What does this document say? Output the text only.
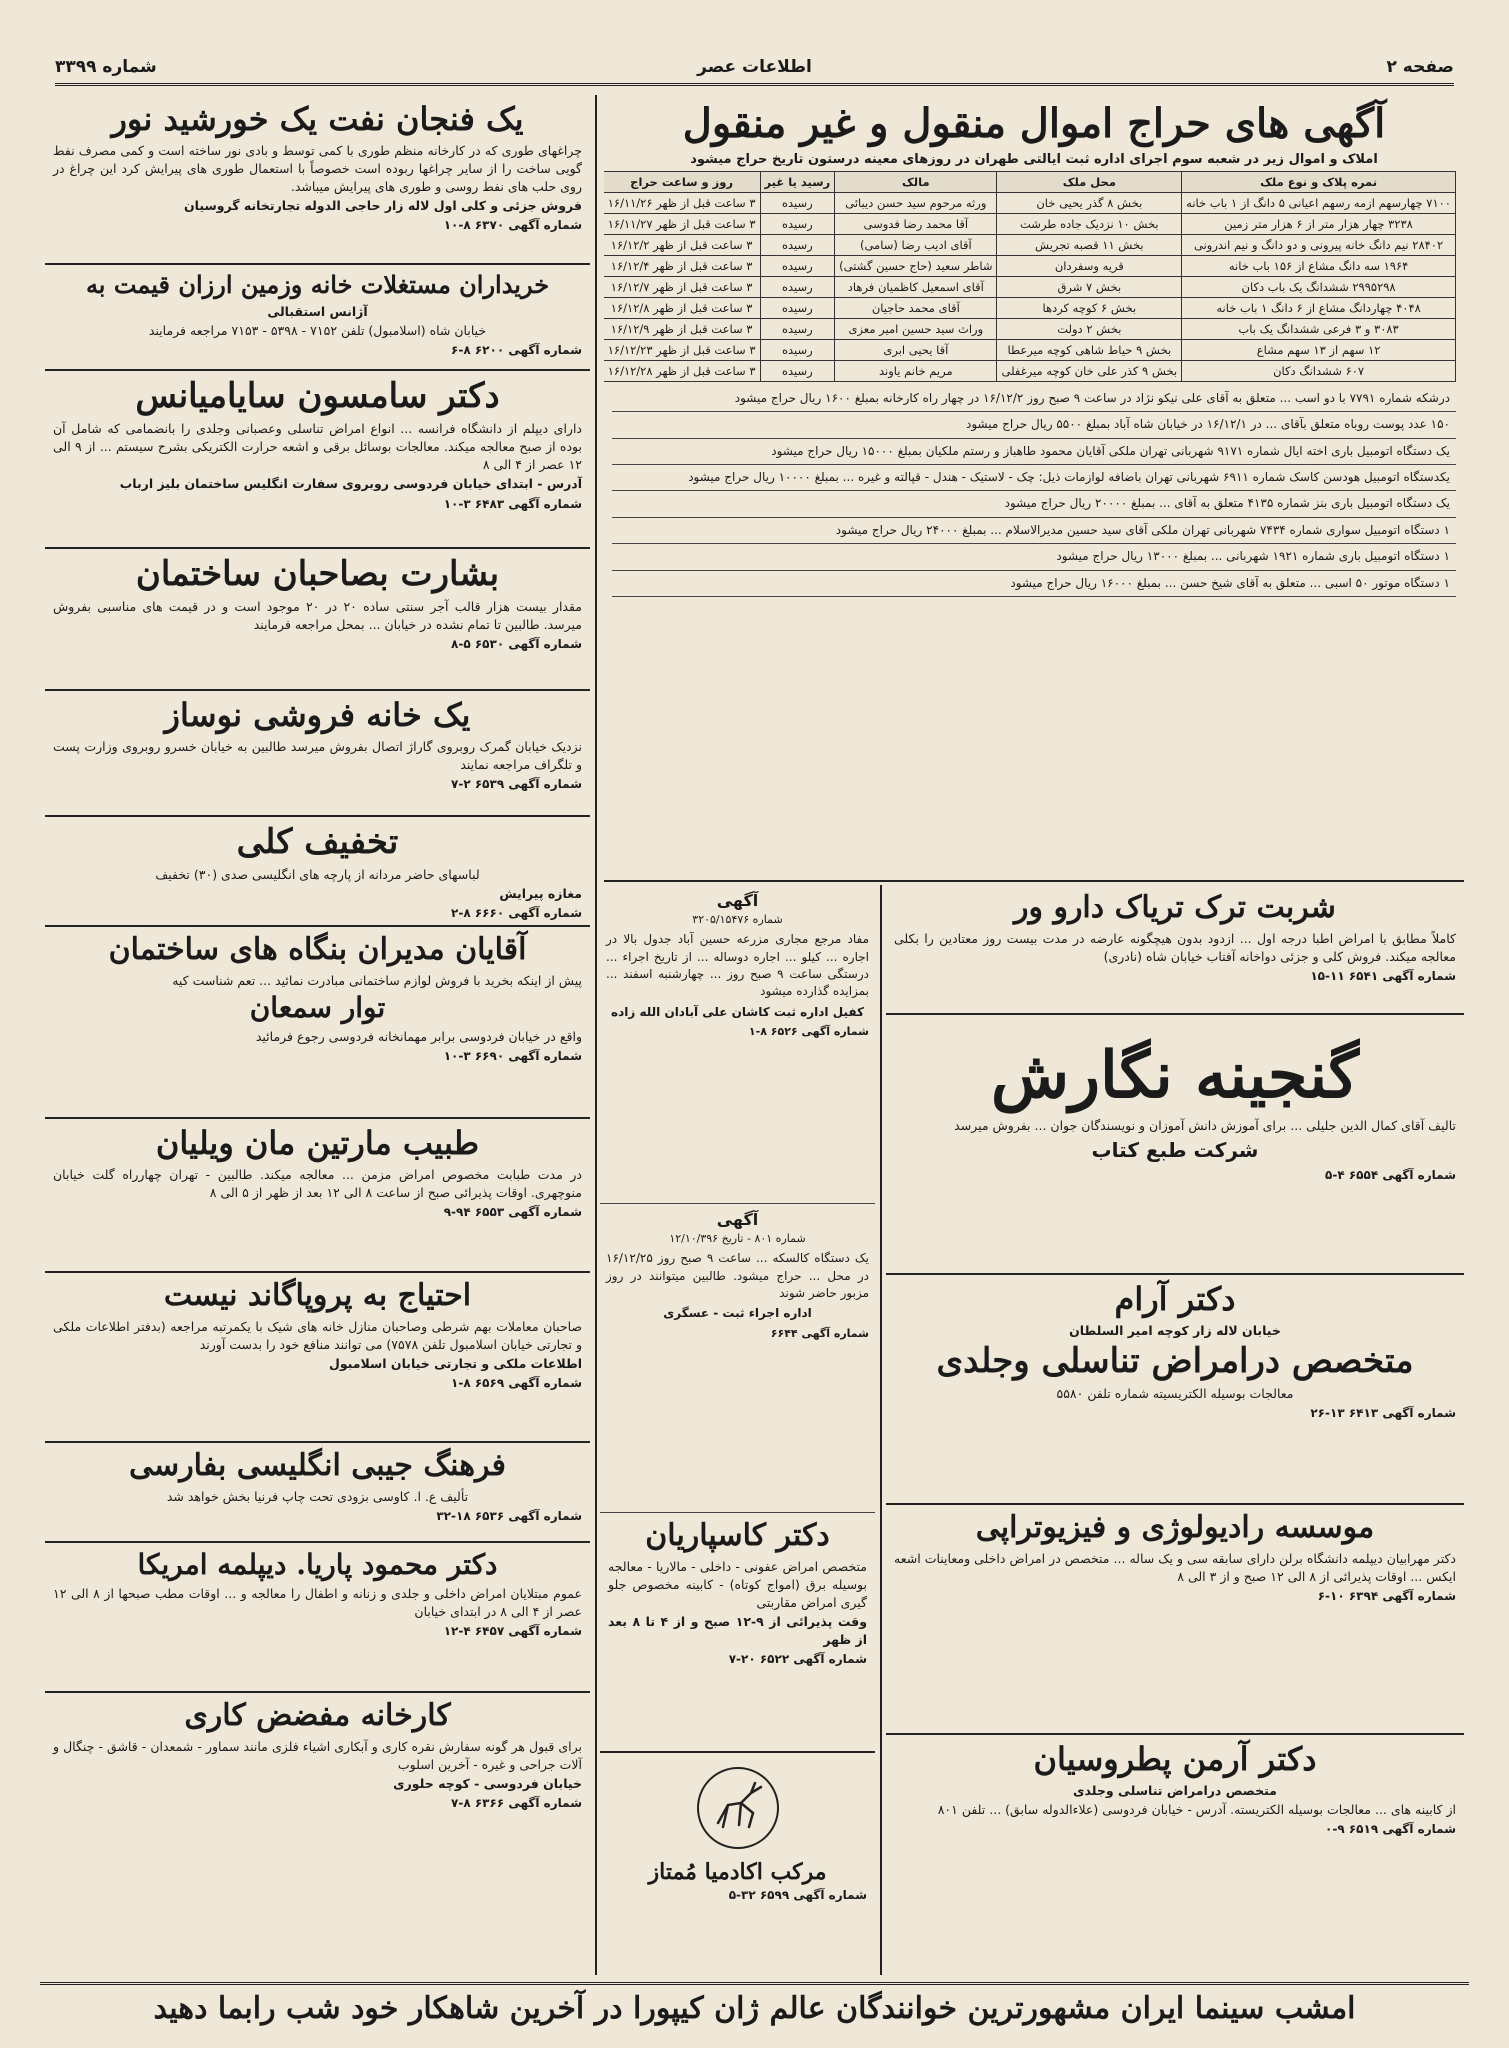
صفحه ۲
اطلاعات عصر
شماره ۳۳۹۹
آگهی های حراج اموال منقول و غیر منقول

املاک و اموال زیر در شعبه سوم اجرای اداره ثبت ایالتی طهران در روزهای معینه درستون تاریخ حراج میشود

نمره پلاک و نوع ملک	محل ملک	مالک	رسید یا غیر	روز و ساعت حراج	
۷۱۰۰ چهارسهم ازمه رسهم اعیانی ۵ دانگ از ۱ باب خانه	بخش ۸ گذر یحیی خان	ورثه مرحوم سید حسن دیبائی	رسیده	۳ ساعت قبل از ظهر ۱۶/۱۱/۲۶	
۳۲۳۸ چهار هزار متر از ۶ هزار متر زمین	بخش ۱۰ نزدیک جاده طرشت	آقا محمد رضا فدوسی	رسیده	۳ ساعت قبل از ظهر ۱۶/۱۱/۲۷	
۲۸۴۰۲ نیم دانگ خانه پیرونی و دو دانگ و نیم اندرونی	بخش ۱۱ قصبه تجریش	آقای ادیب رضا (سامی)	رسیده	۳ ساعت قبل از ظهر ۱۶/۱۲/۲	
۱۹۶۴ سه دانگ مشاع از ۱۵۶ باب خانه	قریه وسفردان	شاطر سعید (حاج حسین گشتی)	رسیده	۳ ساعت قبل از ظهر ۱۶/۱۲/۴	
۲۹۹۵۲۹۸ ششدانگ یک باب دکان	بخش ۷ شرق	آقای اسمعیل کاظمیان فرهاد	رسیده	۳ ساعت قبل از ظهر ۱۶/۱۲/۷	
۴۰۴۸ چهاردانگ مشاع از ۶ دانگ ۱ باب خانه	بخش ۶ کوچه کردها	آقای محمد حاجیان	رسیده	۳ ساعت قبل از ظهر ۱۶/۱۲/۸	
۳۰۸۳ و ۳ فرعی ششدانگ یک باب	بخش ۲ دولت	وراث سید حسین امیر معزی	رسیده	۳ ساعت قبل از ظهر ۱۶/۱۲/۹	
۱۲ سهم از ۱۳ سهم مشاع	بخش ۹ حیاط شاهی کوچه میرعطا	آقا یحیی ابری	رسیده	۳ ساعت قبل از ظهر ۱۶/۱۲/۲۳	
۶۰۷ ششدانگ دکان	بخش ۹ کذر علی خان کوچه میرغفلی	مریم خانم یاوند	رسیده	۳ ساعت قبل از ظهر ۱۶/۱۲/۲۸	
درشکه شماره ۷۷۹۱ با دو اسب ... متعلق به آقای علی نیکو نژاد در ساعت ۹ صبح روز ۱۶/۱۲/۲ در چهار راه کارخانه بمبلغ ۱۶۰۰ ریال حراج میشود
۱۵۰ عدد پوست روباه متعلق بآقای ... در ۱۶/۱۲/۱ در خیابان شاه آباد بمبلغ ۵۵۰۰ ریال حراج میشود
یک دستگاه اتومبیل باری اخته ایال شماره ۹۱۷۱ شهربانی تهران ملکی آقایان محمود طاهباز و رستم ملکیان بمبلغ ۱۵۰۰۰ ریال حراج میشود
یکدستگاه اتومبیل هودسن کاسک شماره ۶۹۱۱ شهربانی تهران باضافه لوازمات ذیل: چک - لاستیک - هندل - قپالته و غیره ... بمبلغ ۱۰۰۰۰ ریال حراج میشود
یک دستگاه اتومبیل باری بنز شماره ۴۱۳۵ متعلق به آقای ... بمبلغ ۲۰۰۰۰ ریال حراج میشود
۱ دستگاه اتومبیل سواری شماره ۷۴۳۴ شهربانی تهران ملکی آقای سید حسین مدیرالاسلام ... بمبلغ ۲۴۰۰۰ ریال حراج میشود
۱ دستگاه اتومبیل باری شماره ۱۹۲۱ شهربانی ... بمبلغ ۱۳۰۰۰ ریال حراج میشود
۱ دستگاه موتور ۵۰ اسبی ... متعلق به آقای شیخ حسن ... بمبلغ ۱۶۰۰۰ ریال حراج میشود
یک فنجان نفت یک خورشید نور

چراغهای طوری که در کارخانه منظم طوری با کمی توسط و بادی نور ساخته است و کمی مصرف نفط گویی ساخت را از سایر چراغها ربوده است خصوصاً با استعمال طوری های پیرایش کرد این چراغ در روی حلب های نفط روسی و طوری های پیرایش میباشد.

فروش جزئی و کلی اول لاله زار حاجی الدوله تجارتخانه گروسیان

شماره آگهی ۶۳۷۰ ۸-۱۰
خریداران مستغلات خانه وزمین ارزان قیمت به

آژانس استقبالی

خیابان شاه (اسلامبول) تلفن ۷۱۵۲ - ۵۳۹۸ - ۷۱۵۳ مراجعه فرمایند

شماره آگهی ۶۲۰۰ ۸-۶
دکتر سامسون سایامیانس

دارای دیپلم از دانشگاه فرانسه ... انواع امراض تناسلی وعصبانی وجلدی را بانضمامی که شامل آن بوده از صبح معالجه میکند. معالجات بوسائل برقی و اشعه حرارت الکتریکی بشرح سیستم ... از ۹ الی ۱۲ عصر از ۴ الی ۸

آدرس - ابتدای خیابان فردوسی روبروی سفارت انگلیس ساختمان بلیز ارباب

شماره آگهی ۶۴۸۳ ۳-۱۰
بشارت بصاحبان ساختمان

مقدار بیست هزار قالب آجر سنتی ساده ۲۰ در ۲۰ موجود است و در قیمت های مناسبی بفروش میرسد. طالبین تا تمام نشده در خیابان ... بمحل مراجعه فرمایند

شماره آگهی ۶۵۳۰ ۵-۸
یک خانه فروشی نوساز

نزدیک خیابان گمرک روبروی گاراژ اتصال بفروش میرسد طالبین به خیابان خسرو روبروی وزارت پست و تلگراف مراجعه نمایند

شماره آگهی ۶۵۳۹ ۲-۷
تخفیف کلی

لباسهای حاضر مردانه از پارچه های انگلیسی صدی (۳۰) تخفیف

مغازه پیرایش

شماره آگهی ۶۶۶۰ ۸-۲
آقایان مدیران بنگاه های ساختمان

پیش از اینکه بخرید با فروش لوازم ساختمانی مبادرت نمائید ... تعم شناست کیه

توار سمعان

واقع در خیابان فردوسی برابر مهمانخانه فردوسی رجوع فرمائید

شماره آگهی ۶۶۹۰ ۳-۱۰
طبیب مارتین مان ویلیان

در مدت طبابت مخصوص امراض مزمن ... معالجه میکند. طالبین - تهران چهارراه گلت خیابان منوچهری. اوقات پذیرائی صبح از ساعت ۸ الی ۱۲ بعد از ظهر از ۵ الی ۸

شماره آگهی ۶۵۵۳ ۹۴-۹
احتیاج به پروپاگاند نیست

صاحبان معاملات بهم شرطی وصاحبان منازل خانه های شیک با یکمرتبه مراجعه (بدفتر اطلاعات ملکی و تجارتی خیابان اسلامبول تلفن ۷۵۷۸) می توانند منافع خود را بدست آورند

اطلاعات ملکی و تجارتی خیابان اسلامبول

شماره آگهی ۶۵۶۹ ۸-۱
فرهنگ جیبی انگلیسی بفارسی

تألیف ع. ا. کاوسی بزودی تحت چاپ فرنیا بخش خواهد شد

شماره آگهی ۶۵۳۶ ۱۸-۳۲
دکتر محمود پاریا. دیپلمه امریکا

عموم مبتلایان امراض داخلی و جلدی و زنانه و اطفال را معالجه و ... اوقات مطب صبحها از ۸ الی ۱۲ عصر از ۴ الی ۸ در ابتدای خیابان

شماره آگهی ۶۴۵۷ ۴-۱۲
کارخانه مفضض کاری

برای قبول هر گونه سفارش نقره کاری و آبکاری اشیاء فلزی مانند سماور - شمعدان - قاشق - چنگال و آلات جراحی و غیره - آخرین اسلوب

خیابان فردوسی - کوچه حلوری

شماره آگهی ۶۳۶۶ ۸-۷
آگهی
شماره ۳۲۰۵/۱۵۴۷۶

مفاد مرجع مجاری مزرعه حسین آباد جدول بالا در اجاره ... کیلو ... اجاره دوساله ... از تاریخ اجراء ... درستگی ساعت ۹ صبح روز ... چهارشنبه اسفند ... بمزایده گذارده میشود

کفیل اداره ثبت کاشان علی آبادان الله زاده

شماره آگهی ۶۵۲۶ ۸-۱
آگهی
شماره ۸۰۱ - تاریخ ۱۲/۱۰/۳۹۶

یک دستگاه کالسکه ... ساعت ۹ صبح روز ۱۶/۱۲/۲۵ در محل ... حراج میشود. طالبین میتوانند در روز مزبور حاضر شوند

اداره اجراء ثبت - عسگری

شماره آگهی ۶۶۴۴
دکتر کاسپاریان

متخصص امراض عفونی - داخلی - مالاریا - معالجه بوسیله برق (امواج کوتاه) - کابینه مخصوص جلو گیری امراض مقاربتی

وقت پذیرائی از ۹-۱۲ صبح و از ۴ تا ۸ بعد از ظهر

شماره آگهی ۶۵۲۲ ۲۰-۷
مرکب اکادمیا مُمتاز
شماره آگهی ۶۵۹۹ ۳۲-۵
شربت ترک تریاک دارو ور

کاملاً مطابق با امراض اطبا درجه اول ... ازدود بدون هیچگونه عارضه در مدت بیست روز معتادین را بکلی معالجه میکند. فروش کلی و جزئی دواخانه آفتاب خیابان شاه (نادری)

شماره آگهی ۶۵۴۱ ۱۱-۱۵
گنجینه نگارش

تالیف آقای کمال الدین جلیلی ... برای آموزش دانش آموزان و نویسندگان جوان ... بفروش میرسد

شرکت طبع کتاب

شماره آگهی ۶۵۵۴ ۴-۵
دکتر آرام

خیابان لاله زار کوچه امیر السلطان

متخصص درامراض تناسلی وجلدی

معالجات بوسیله الکتریسیته شماره تلفن ۵۵۸۰

شماره آگهی ۶۴۱۳ ۱۳-۲۶
موسسه رادیولوژی و فیزیوتراپی

دکتر مهرابیان دیپلمه دانشگاه برلن دارای سابقه سی و یک ساله ... متخصص در امراض داخلی ومعاینات اشعه ایکس ... اوقات پذیرائی از ۸ الی ۱۲ صبح و از ۳ الی ۸

شماره آگهی ۶۳۹۴ ۱۰-۶
دکتر آرمن پطروسیان

متخصص درامراض تناسلی وجلدی

از کابینه های ... معالجات بوسیله الکتریسته. آدرس - خیابان فردوسی (علاءالدوله سابق) ... تلفن ۸۰۱

شماره آگهی ۶۵۱۹ ۹-۰
امشب سینما ایران مشهورترین خوانندگان عالم ژان کیپورا در آخرین شاهکار خود شب رابما دهید
